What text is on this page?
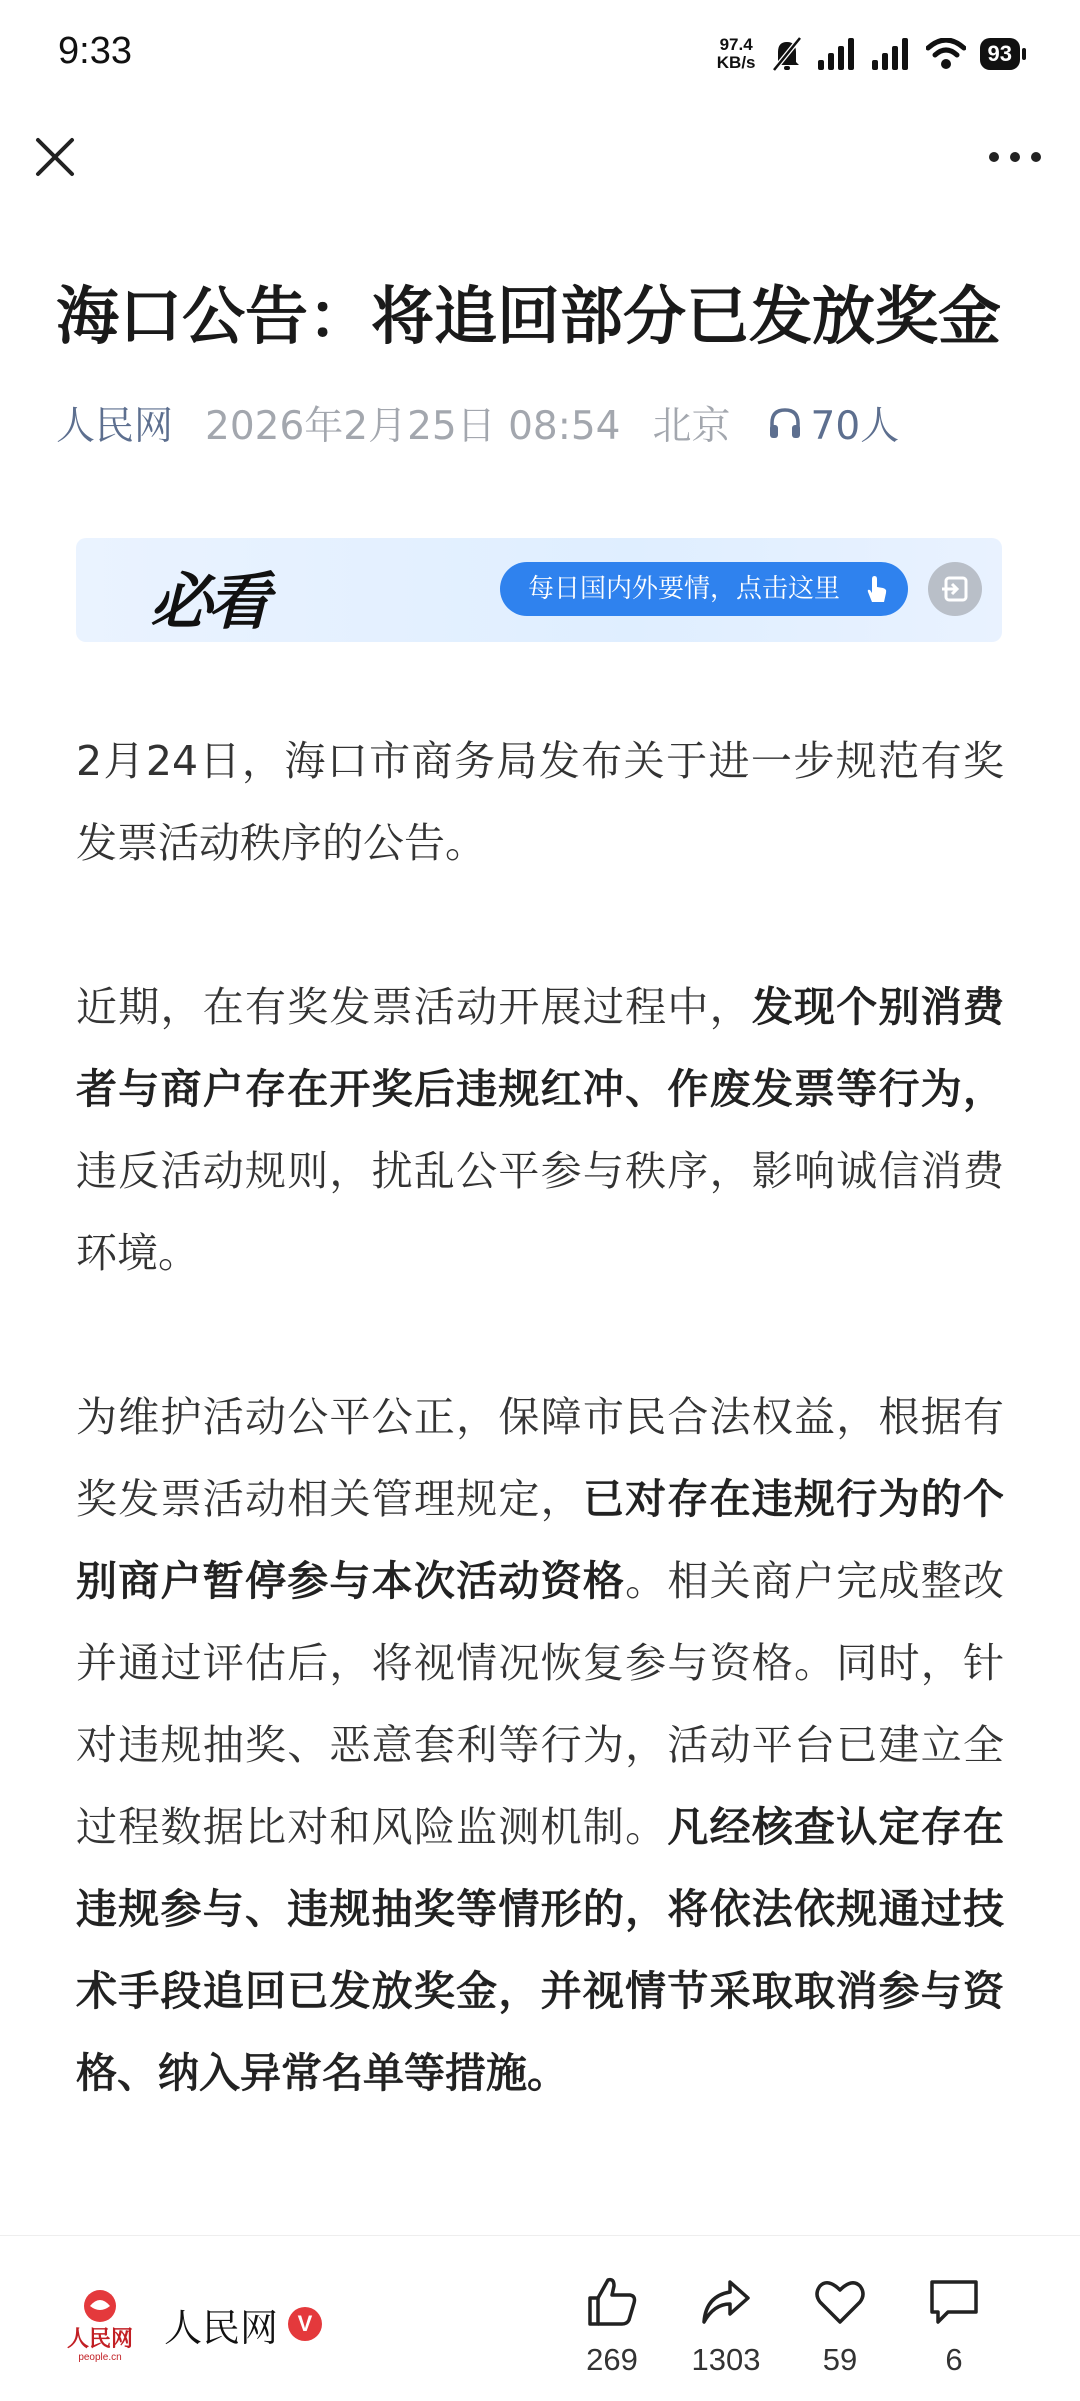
9:33	97.4
KB/s	93
海口公告：将追回部分已发放奖金
人民网 2026年2月25日 08:54 北京 70人
必看	每日国内外要情，点击这里

2月24日，海口市商务局发布关于进一步规范有奖发票活动秩序的公告。

近期，在有奖发票活动开展过程中，发现个别消费者与商户存在开奖后违规红冲、作废发票等行为，违反活动规则，扰乱公平参与秩序，影响诚信消费环境。

为维护活动公平公正，保障市民合法权益，根据有奖发票活动相关管理规定，已对存在违规行为的个别商户暂停参与本次活动资格。相关商户完成整改并通过评估后，将视情况恢复参与资格。同时，针对违规抽奖、恶意套利等行为，活动平台已建立全过程数据比对和风险监测机制。凡经核查认定存在违规参与、违规抽奖等情形的，将依法依规通过技术手段追回已发放奖金，并视情节采取取消参与资格、纳入异常名单等措施。

人民网
people.cn
人民网 V
269	1303	59	6
